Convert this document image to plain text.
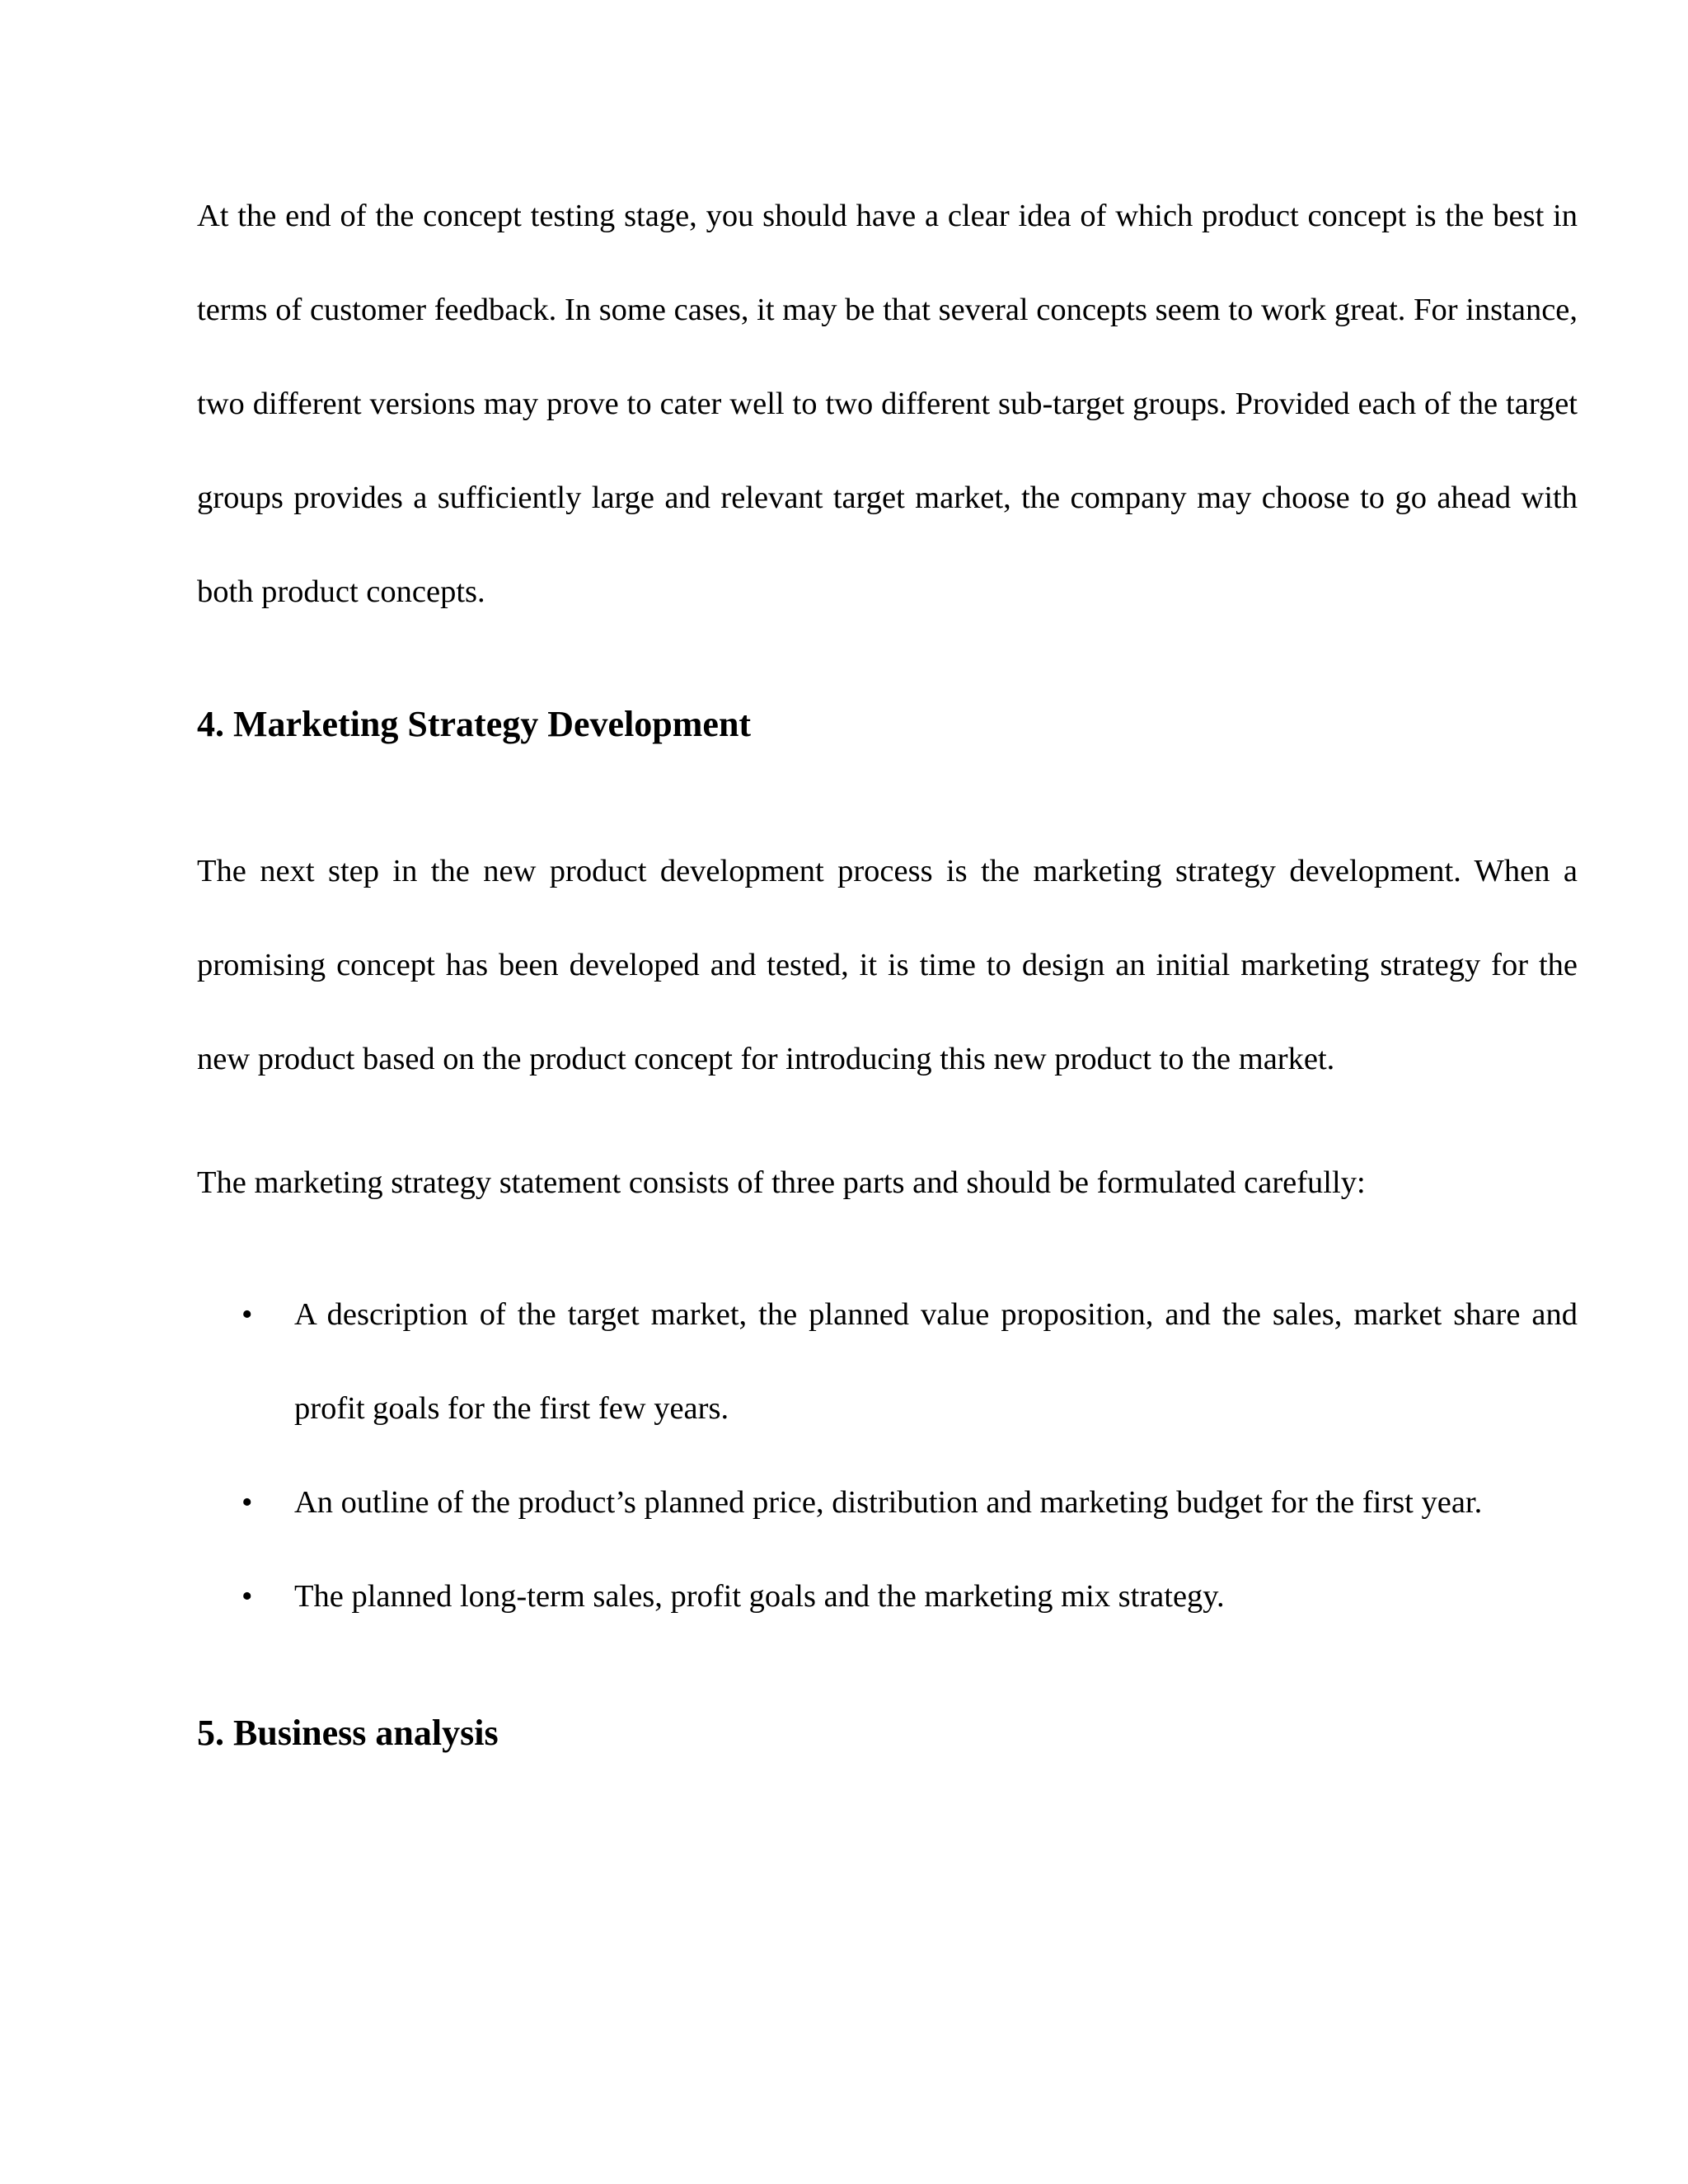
At the end of the concept testing stage, you should have a clear idea of which product concept is the best in terms of customer feedback. In some cases, it may be that several concepts seem to work great. For instance, two different versions may prove to cater well to two different sub-target groups. Provided each of the target groups provides a sufficiently large and relevant target market, the company may choose to go ahead with both product concepts.

4. Marketing Strategy Development

The next step in the new product development process is the marketing strategy development. When a promising concept has been developed and tested, it is time to design an initial marketing strategy for the new product based on the product concept for introducing this new product to the market.

The marketing strategy statement consists of three parts and should be formulated carefully:

• A description of the target market, the planned value proposition, and the sales, market share and profit goals for the first few years.
• An outline of the product’s planned price, distribution and marketing budget for the first year.
• The planned long-term sales, profit goals and the marketing mix strategy.
5. Business analysis
